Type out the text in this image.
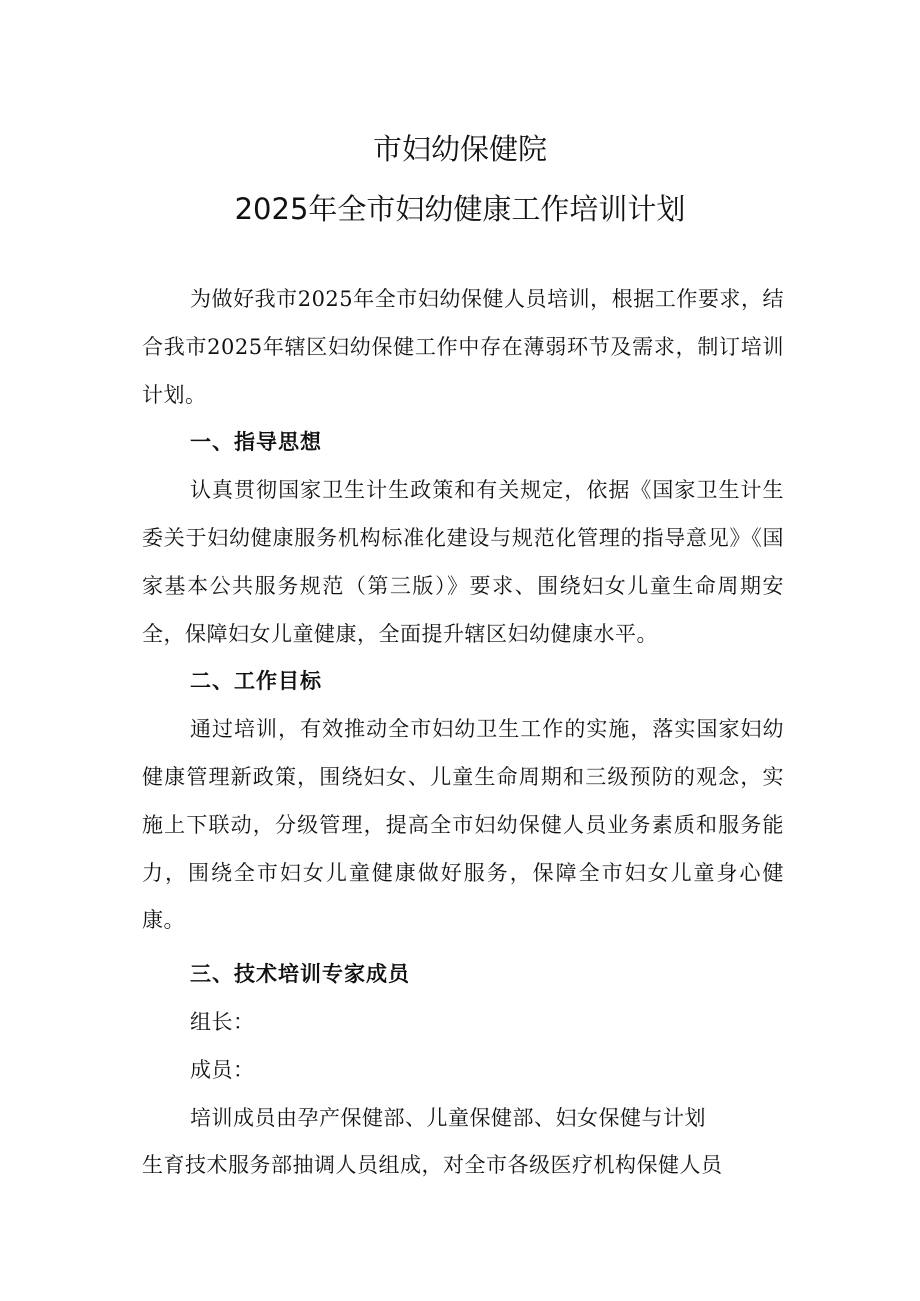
市妇幼保健院
2025年全市妇幼健康工作培训计划

为做好我市2025年全市妇幼保健人员培训，根据工作要求，结合我市2025年辖区妇幼保健工作中存在薄弱环节及需求，制订培训计划。

一、指导思想

认真贯彻国家卫生计生政策和有关规定，依据《国家卫生计生委关于妇幼健康服务机构标准化建设与规范化管理的指导意见》《国家基本公共服务规范（第三版）》要求、围绕妇女儿童生命周期安全，保障妇女儿童健康，全面提升辖区妇幼健康水平。

二、工作目标

通过培训，有效推动全市妇幼卫生工作的实施，落实国家妇幼健康管理新政策，围绕妇女、儿童生命周期和三级预防的观念，实施上下联动，分级管理，提高全市妇幼保健人员业务素质和服务能力，围绕全市妇女儿童健康做好服务，保障全市妇女儿童身心健康。

三、技术培训专家成员

组长：

成员：

培训成员由孕产保健部、儿童保健部、妇女保健与计划

生育技术服务部抽调人员组成，对全市各级医疗机构保健人员
